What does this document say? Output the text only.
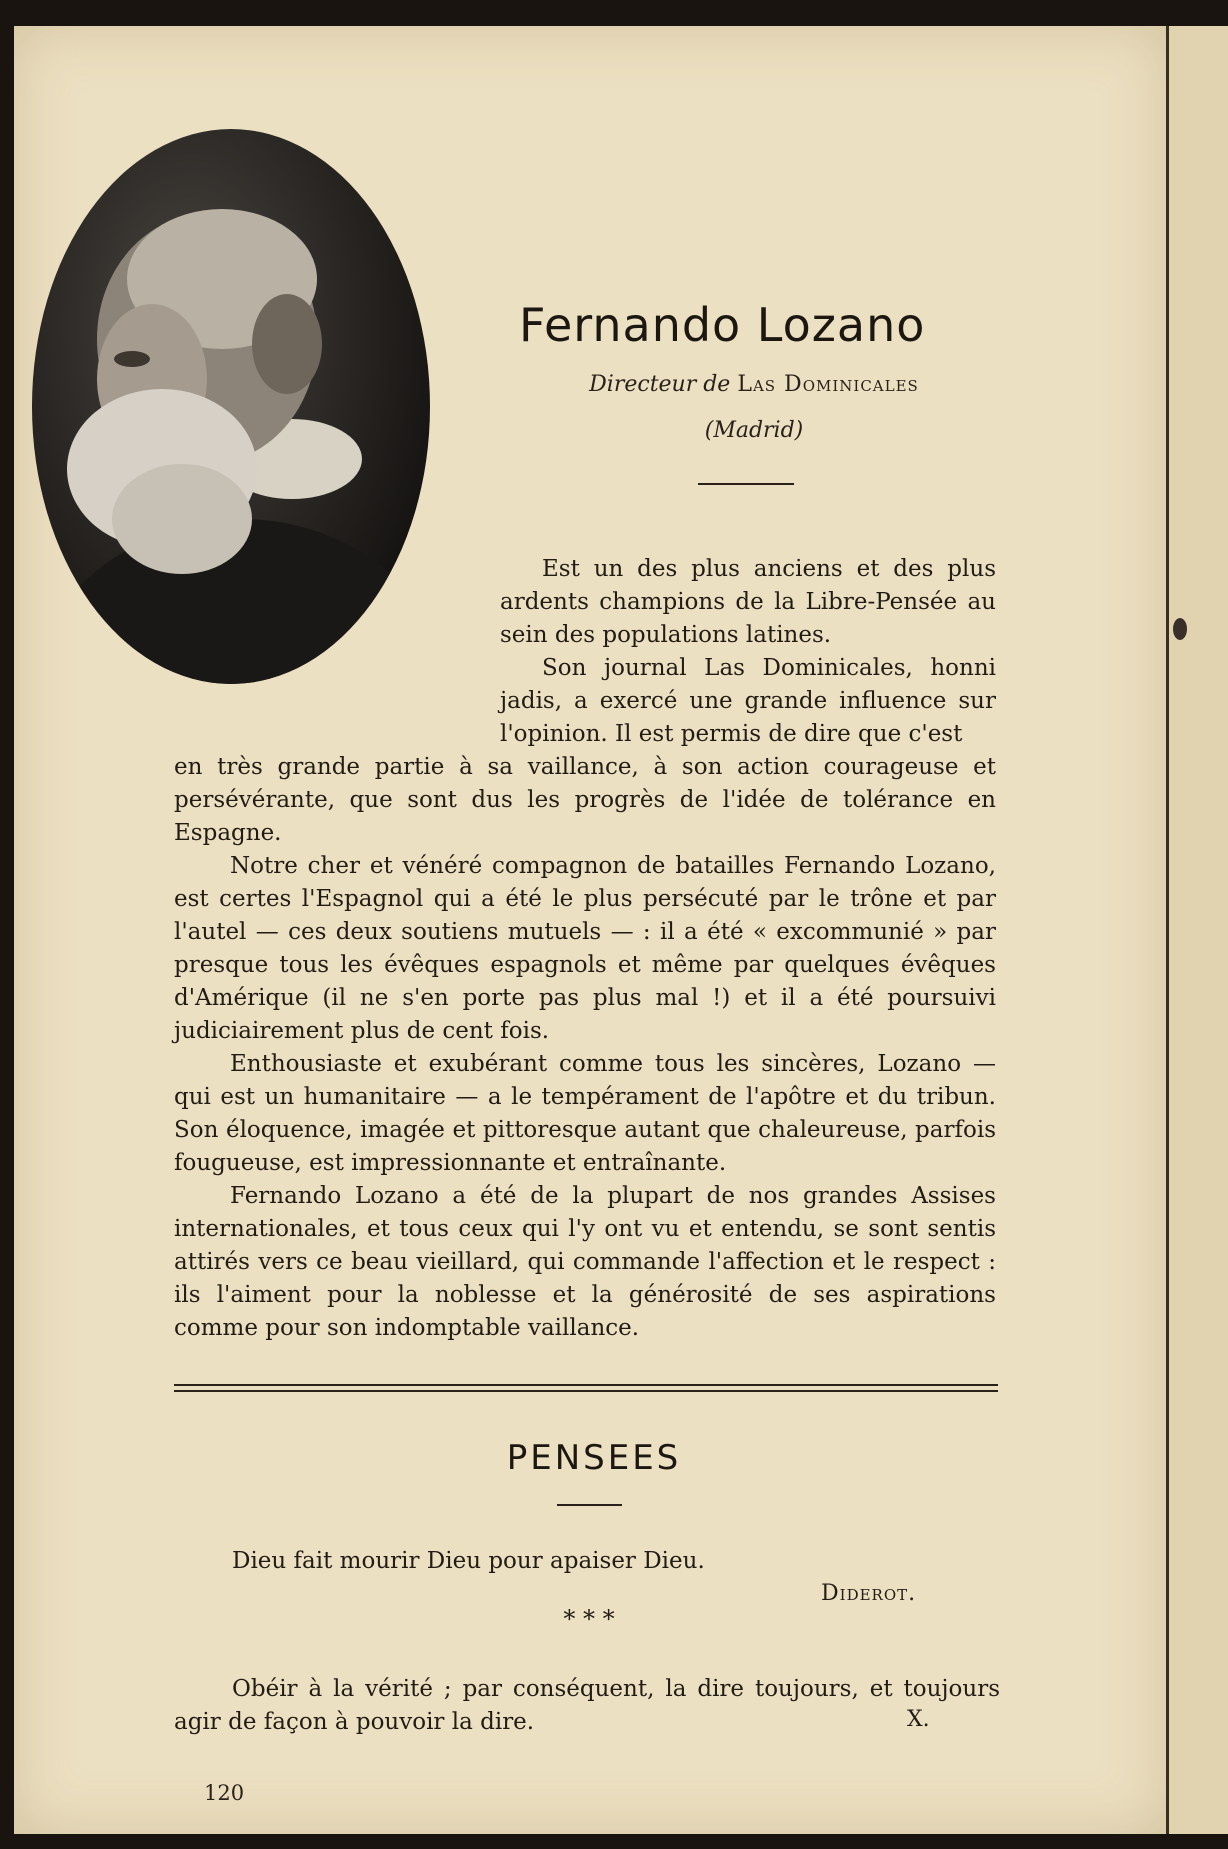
Fernando Lozano
Directeur de Las Dominicales
(Madrid)

Est un des plus anciens et des plus ardents champions de la Libre-Pensée au sein des populations latines.

Son journal Las Dominicales, honni jadis, a exercé une grande influence sur l'opinion. Il est permis de dire que c'est

en très grande partie à sa vaillance, à son action courageuse et persévérante, que sont dus les progrès de l'idée de tolérance en Espagne.

Notre cher et vénéré compagnon de batailles Fernando Lozano, est certes l'Espagnol qui a été le plus persécuté par le trône et par l'autel — ces deux soutiens mutuels — : il a été « excommunié » par presque tous les évêques espagnols et même par quelques évêques d'Amérique (il ne s'en porte pas plus mal !) et il a été poursuivi judiciairement plus de cent fois.

Enthousiaste et exubérant comme tous les sincères, Lozano — qui est un humanitaire — a le tempérament de l'apôtre et du tribun. Son éloquence, imagée et pittoresque autant que chaleureuse, parfois fougueuse, est impressionnante et entraînante.

Fernando Lozano a été de la plupart de nos grandes Assises internationales, et tous ceux qui l'y ont vu et entendu, se sont sentis attirés vers ce beau vieillard, qui commande l'affection et le respect : ils l'aiment pour la noblesse et la générosité de ses aspirations comme pour son indomptable vaillance.

PENSEES
Dieu fait mourir Dieu pour apaiser Dieu.
Diderot.
* * *
Obéir à la vérité ; par conséquent, la dire toujours, et toujours agir de façon à pouvoir la dire.	X.
120
